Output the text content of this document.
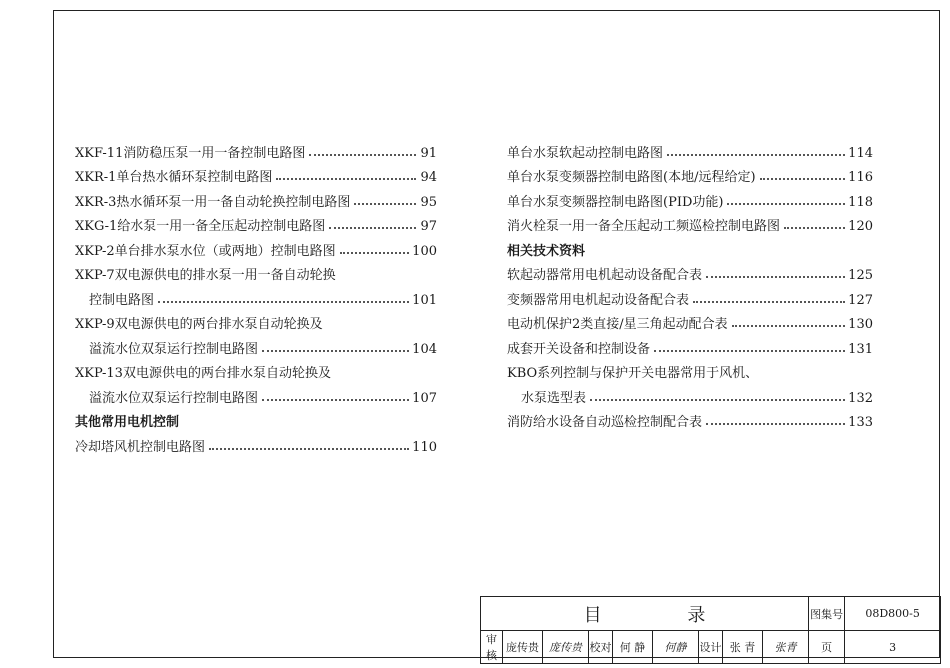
XKF-11消防稳压泵一用一备控制电路图	91
XKR-1单台热水循环泵控制电路图	94
XKR-3热水循环泵一用一备自动轮换控制电路图	95
XKG-1给水泵一用一备全压起动控制电路图	97
XKP-2单台排水泵水位（或两地）控制电路图	100
XKP-7双电源供电的排水泵一用一备自动轮换
控制电路图	101
XKP-9双电源供电的两台排水泵自动轮换及
溢流水位双泵运行控制电路图	104
XKP-13双电源供电的两台排水泵自动轮换及
溢流水位双泵运行控制电路图	107
其他常用电机控制
冷却塔风机控制电路图	110
单台水泵软起动控制电路图	114
单台水泵变频器控制电路图(本地/远程给定)	116
单台水泵变频器控制电路图(PID功能)	118
消火栓泵一用一备全压起动工频巡检控制电路图	120
相关技术资料
软起动器常用电机起动设备配合表	125
变频器常用电机起动设备配合表	127
电动机保护2类直接/星三角起动配合表	130
成套开关设备和控制设备	131
KBO系列控制与保护开关电器常用于风机、
水泵选型表	132
消防给水设备自动巡检控制配合表	133
目 录									图集号	08D800-5
审核	庞传贵	庞传贵	校对	何 静	何静	设计	张 青	张青	页	3
